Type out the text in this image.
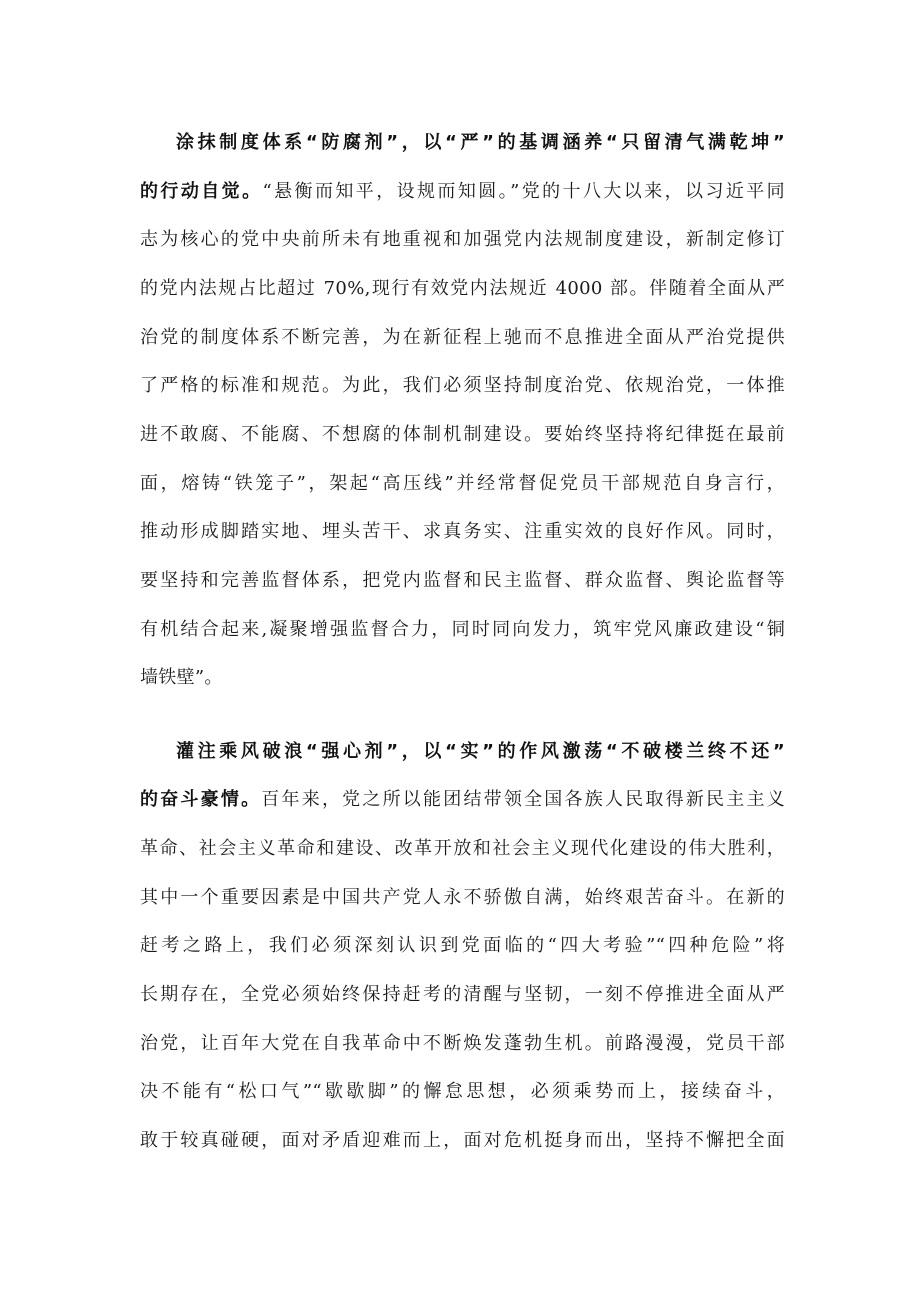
涂抹制度体系“防腐剂”，以“严”的基调涵养“只留清气满乾坤”
的行动自觉。“悬衡而知平，设规而知圆。”党的十八大以来，以习近平同
志为核心的党中央前所未有地重视和加强党内法规制度建设，新制定修订
的党内法规占比超过 70%,现行有效党内法规近 4000 部。伴随着全面从严
治党的制度体系不断完善，为在新征程上驰而不息推进全面从严治党提供
了严格的标准和规范。为此，我们必须坚持制度治党、依规治党，一体推
进不敢腐、不能腐、不想腐的体制机制建设。要始终坚持将纪律挺在最前
面，熔铸“铁笼子”，架起“高压线”并经常督促党员干部规范自身言行，
推动形成脚踏实地、埋头苦干、求真务实、注重实效的良好作风。同时，
要坚持和完善监督体系，把党内监督和民主监督、群众监督、舆论监督等
有机结合起来,凝聚增强监督合力，同时同向发力，筑牢党风廉政建设“铜
墙铁壁”。
灌注乘风破浪“强心剂”，以“实”的作风激荡“不破楼兰终不还”
的奋斗豪情。百年来，党之所以能团结带领全国各族人民取得新民主主义
革命、社会主义革命和建设、改革开放和社会主义现代化建设的伟大胜利，
其中一个重要因素是中国共产党人永不骄傲自满，始终艰苦奋斗。在新的
赶考之路上，我们必须深刻认识到党面临的“四大考验”“四种危险”将
长期存在，全党必须始终保持赶考的清醒与坚韧，一刻不停推进全面从严
治党，让百年大党在自我革命中不断焕发蓬勃生机。前路漫漫，党员干部
决不能有“松口气”“歇歇脚”的懈怠思想，必须乘势而上，接续奋斗，
敢于较真碰硬，面对矛盾迎难而上，面对危机挺身而出，坚持不懈把全面
